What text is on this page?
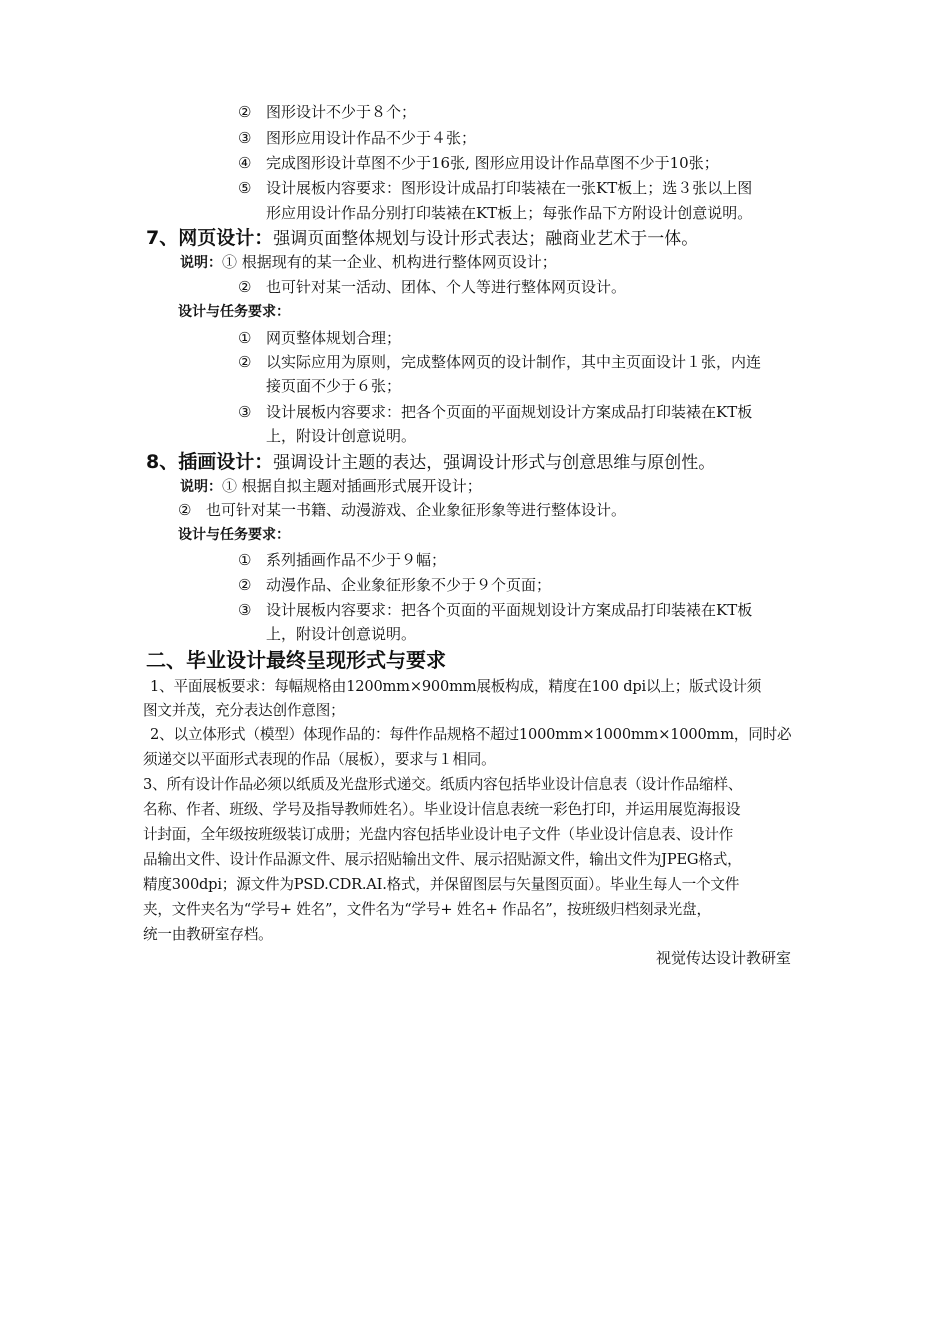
② 图形设计不少于８个；
③ 图形应用设计作品不少于４张；
④ 完成图形设计草图不少于16张, 图形应用设计作品草图不少于10张；
⑤ 设计展板内容要求：图形设计成品打印装裱在一张KT板上；选３张以上图
形应用设计作品分别打印装裱在KT板上；每张作品下方附设计创意说明。
7、网页设计：强调页面整体规划与设计形式表达；融商业艺术于一体。
说明：① 根据现有的某一企业、机构进行整体网页设计；
② 也可针对某一活动、团体、个人等进行整体网页设计。
设计与任务要求：
① 网页整体规划合理；
② 以实际应用为原则，完成整体网页的设计制作，其中主页面设计１张，内连
接页面不少于６张；
③ 设计展板内容要求：把各个页面的平面规划设计方案成品打印装裱在KT板
上，附设计创意说明。
8、插画设计：强调设计主题的表达，强调设计形式与创意思维与原创性。
说明：① 根据自拟主题对插画形式展开设计；
② 也可针对某一书籍、动漫游戏、企业象征形象等进行整体设计。
设计与任务要求：
① 系列插画作品不少于９幅；
② 动漫作品、企业象征形象不少于９个页面；
③ 设计展板内容要求：把各个页面的平面规划设计方案成品打印装裱在KT板
上，附设计创意说明。
二、毕业设计最终呈现形式与要求
1、平面展板要求：每幅规格由1200mm×900mm展板构成，精度在100 dpi以上；版式设计须
图文并茂，充分表达创作意图；
2、以立体形式（模型）体现作品的：每件作品规格不超过1000mm×1000mm×1000mm，同时必
须递交以平面形式表现的作品（展板），要求与１相同。
3、所有设计作品必须以纸质及光盘形式递交。纸质内容包括毕业设计信息表（设计作品缩样、
名称、作者、班级、学号及指导教师姓名）。毕业设计信息表统一彩色打印，并运用展览海报设
计封面，全年级按班级装订成册；光盘内容包括毕业设计电子文件（毕业设计信息表、设计作
品输出文件、设计作品源文件、展示招贴输出文件、展示招贴源文件，输出文件为JPEG格式，
精度300dpi；源文件为PSD.CDR.AI.格式，并保留图层与矢量图页面）。毕业生每人一个文件
夹，文件夹名为“学号+ 姓名”，文件名为“学号+ 姓名+ 作品名”，按班级归档刻录光盘，
统一由教研室存档。
视觉传达设计教研室
